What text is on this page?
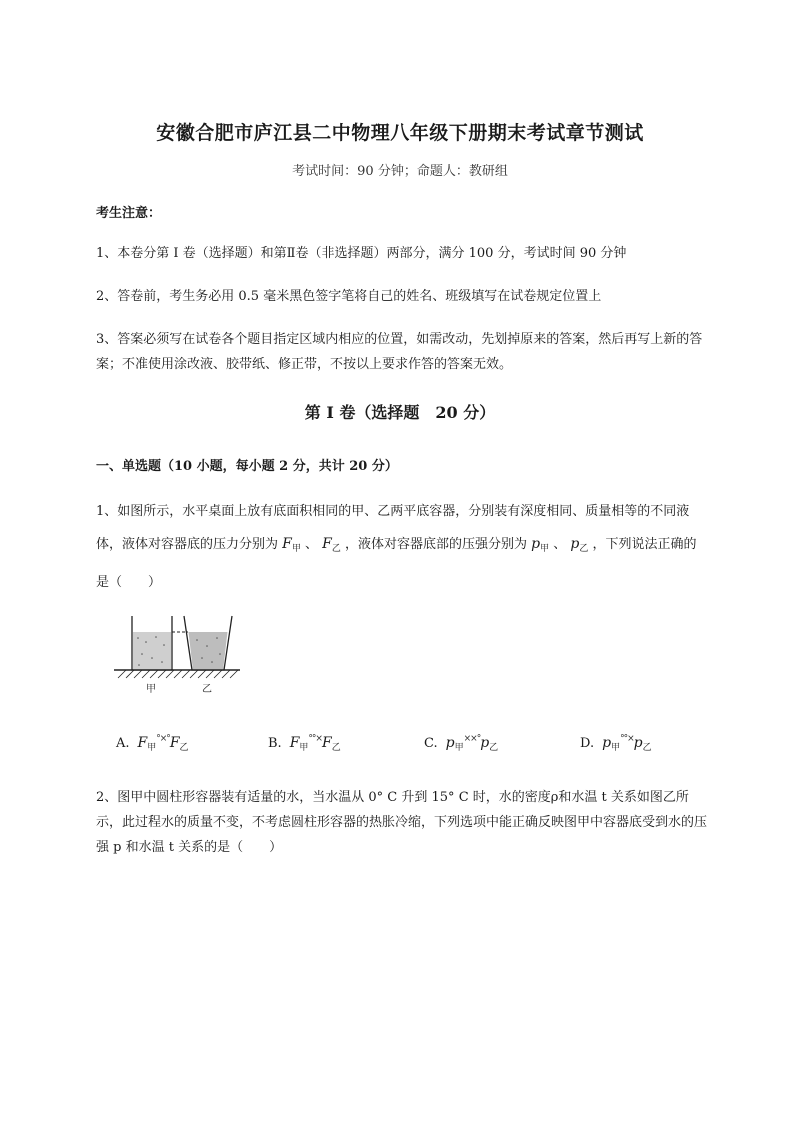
安徽合肥市庐江县二中物理八年级下册期末考试章节测试
考试时间：90 分钟；命题人：教研组
考生注意：
1、本卷分第 I 卷（选择题）和第Ⅱ卷（非选择题）两部分，满分 100 分，考试时间 90 分钟
2、答卷前，考生务必用 0.5 毫米黑色签字笔将自己的姓名、班级填写在试卷规定位置上
3、答案必须写在试卷各个题目指定区域内相应的位置，如需改动，先划掉原来的答案，然后再写上新的答案；不准使用涂改液、胶带纸、修正带，不按以上要求作答的答案无效。
第 I 卷（选择题　20 分）
一、单选题（10 小题，每小题 2 分，共计 20 分）
1、如图所示，水平桌面上放有底面积相同的甲、乙两平底容器，分别装有深度相同、质量相等的不同液体，液体对容器底的压力分别为 $F_甲$ 、 $F_乙$ ，液体对容器底部的压强分别为 $p_甲$ 、 $p_乙$ ，下列说法正确的是（　　）
甲	乙
A. $F_甲^{^\circ\times^\circ}F_乙$	B. $F_甲^{^\circ^\circ\times}F_乙$	C. $p_甲^{\times\times^\circ}p_乙$	D. $p_甲^{^\circ^\circ\times}p_乙$
2、图甲中圆柱形容器装有适量的水，当水温从 0° C 升到 15° C 时，水的密度ρ和水温 t 关系如图乙所示，此过程水的质量不变，不考虑圆柱形容器的热胀冷缩，下列选项中能正确反映图甲中容器底受到水的压强 p 和水温 t 关系的是（　　）
